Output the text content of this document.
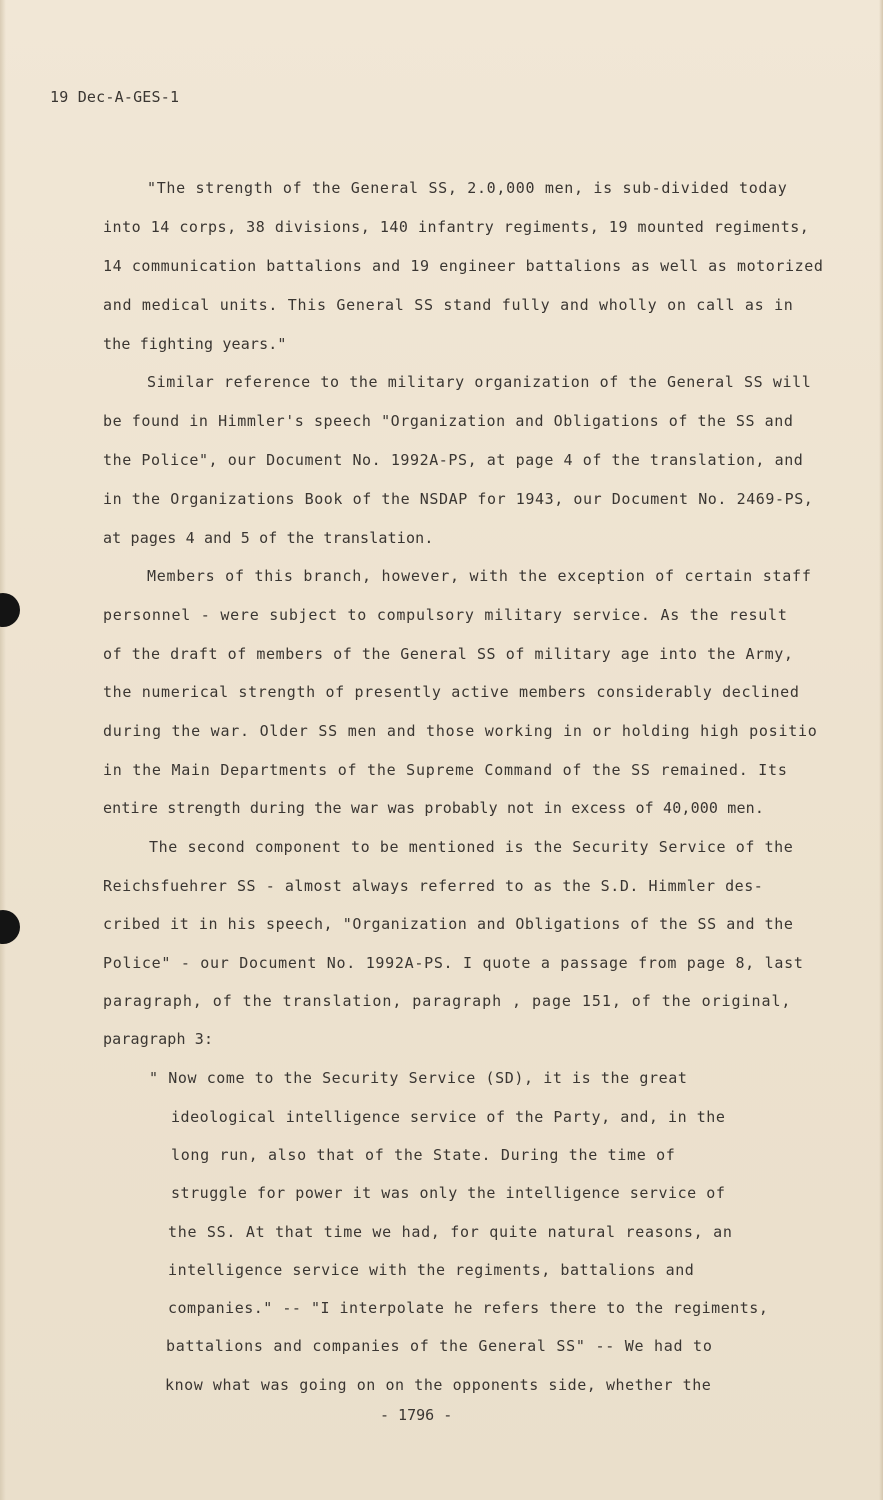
19 Dec-A-GES-1
"The strength of the General SS, 2.0,000 men, is sub-divided today
into 14 corps, 38 divisions, 140 infantry regiments, 19 mounted regiments,
14 communication battalions and 19 engineer battalions as well as motorized
and medical units. This General SS stand fully and wholly on call as in
the fighting years."
Similar reference to the military organization of the General SS will
be found in Himmler's speech "Organization and Obligations of the SS and
the Police", our Document No. 1992A-PS, at page 4 of the translation, and
in the Organizations Book of the NSDAP for 1943, our Document No. 2469-PS,
at pages 4 and 5 of the translation.
Members of this branch, however, with the exception of certain staff
personnel - were subject to compulsory military service. As the result
of the draft of members of the General SS of military age into the Army,
the numerical strength of presently active members considerably declined
during the war. Older SS men and those working in or holding high positio
in the Main Departments of the Supreme Command of the SS remained. Its
entire strength during the war was probably not in excess of 40,000 men.
The second component to be mentioned is the Security Service of the
Reichsfuehrer SS - almost always referred to as the S.D. Himmler des-
cribed it in his speech, "Organization and Obligations of the SS and the
Police" - our Document No. 1992A-PS. I quote a passage from page 8, last
paragraph, of the translation, paragraph , page 151, of the original,
paragraph 3:
" Now come to the Security Service (SD), it is the great
ideological intelligence service of the Party, and, in the
long run, also that of the State. During the time of
struggle for power it was only the intelligence service of
the SS. At that time we had, for quite natural reasons, an
intelligence service with the regiments, battalions and
companies." -- "I interpolate he refers there to the regiments,
battalions and companies of the General SS" -- We had to
know what was going on on the opponents side, whether the
- 1796 -
